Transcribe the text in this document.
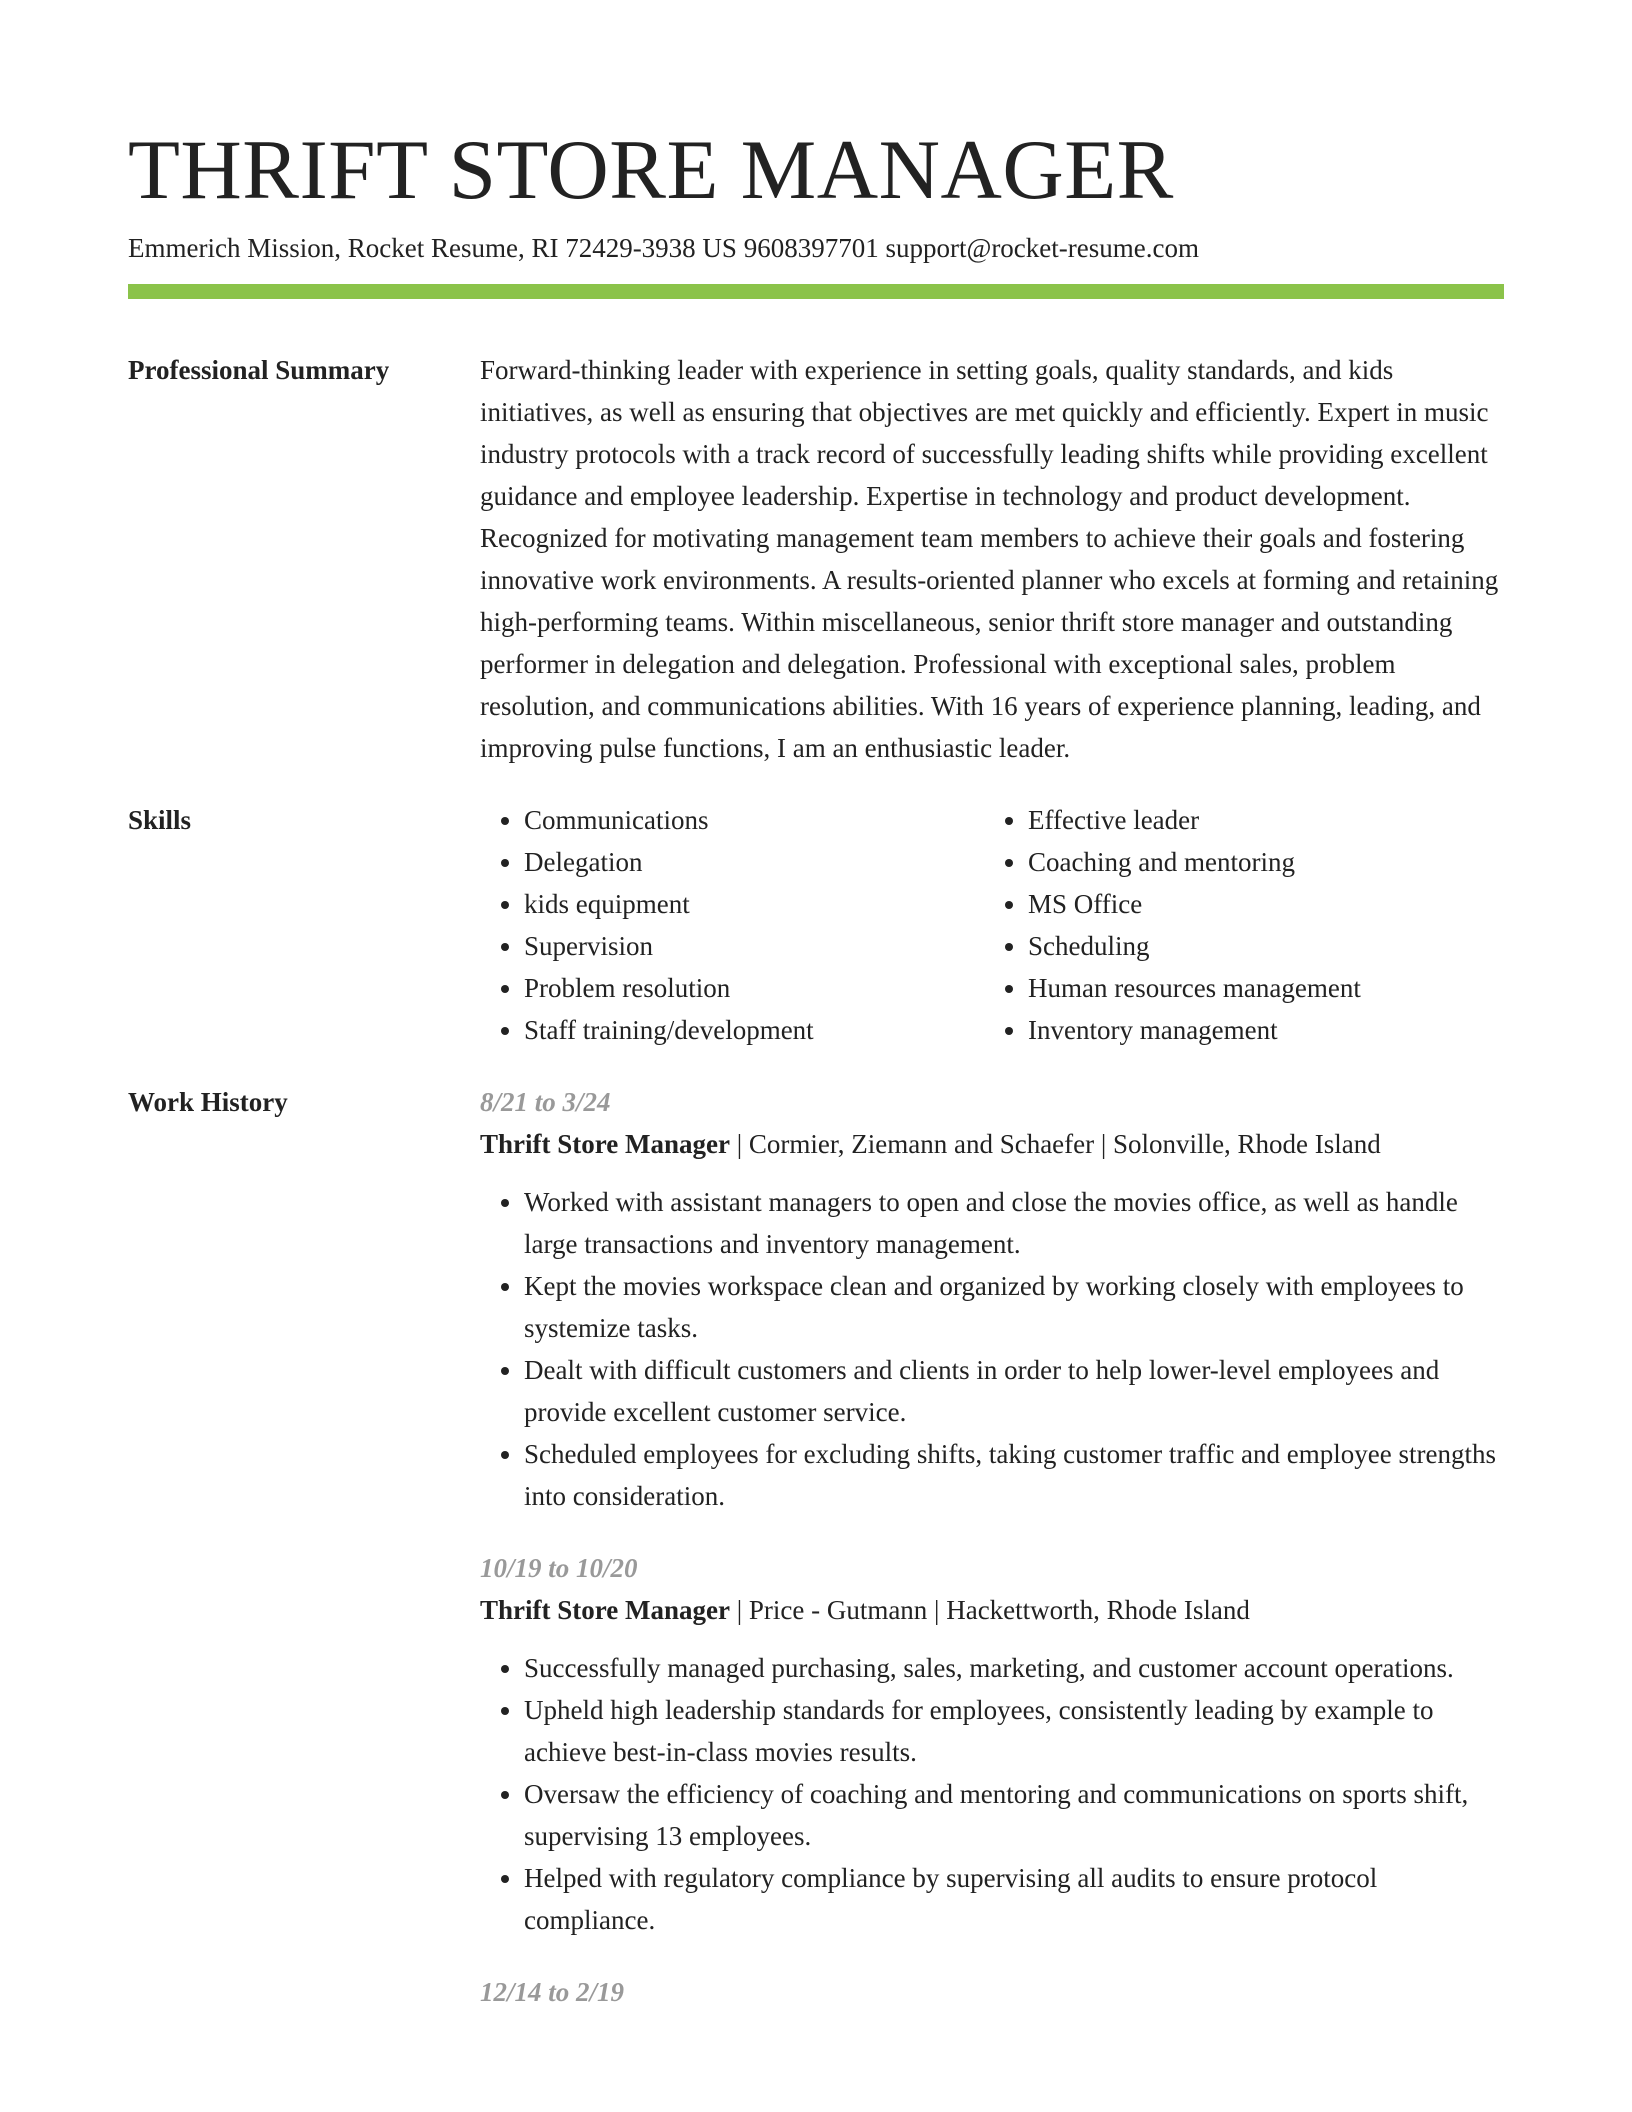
THRIFT STORE MANAGER
Emmerich Mission, Rocket Resume, RI 72429-3938 US 9608397701 support@rocket-resume.com
Professional Summary	Forward-thinking leader with experience in setting goals, quality standards, and kids initiatives, as well as ensuring that objectives are met quickly and efficiently. Expert in music industry protocols with a track record of successfully leading shifts while providing excellent guidance and employee leadership. Expertise in technology and product development. Recognized for motivating management team members to achieve their goals and fostering innovative work environments. A results-oriented planner who excels at forming and retaining high-performing teams. Within miscellaneous, senior thrift store manager and outstanding performer in delegation and delegation. Professional with exceptional sales, problem resolution, and communications abilities. With 16 years of experience planning, leading, and improving pulse functions, I am an enthusiastic leader.

Skills
•	Communications
• Delegation
• kids equipment
• Supervision
• Problem resolution
• Staff training/development
• Effective leader
• Coaching and mentoring
• MS Office
• Scheduling
• Human resources management
• Inventory management
Work History	8/21 to 3/24
Thrift Store Manager | Cormier, Ziemann and Schaefer | Solonville, Rhode Island
• Worked with assistant managers to open and close the movies office, as well as handle large transactions and inventory management.
• Kept the movies workspace clean and organized by working closely with employees to systemize tasks.
• Dealt with difficult customers and clients in order to help lower-level employees and provide excellent customer service.
• Scheduled employees for excluding shifts, taking customer traffic and employee strengths into consideration.
10/19 to 10/20
Thrift Store Manager | Price - Gutmann | Hackettworth, Rhode Island
• Successfully managed purchasing, sales, marketing, and customer account operations.
• Upheld high leadership standards for employees, consistently leading by example to achieve best-in-class movies results.
• Oversaw the efficiency of coaching and mentoring and communications on sports shift, supervising 13 employees.
• Helped with regulatory compliance by supervising all audits to ensure protocol compliance.
12/14 to 2/19
